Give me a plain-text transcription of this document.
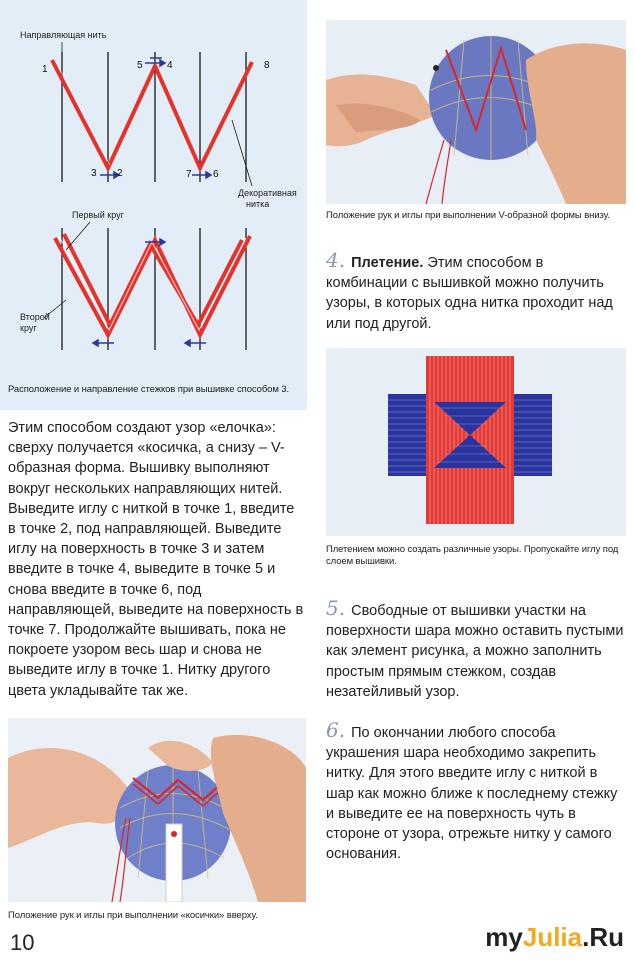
Направляющая нить
1
2
3
4
5
6
7
8
Декоративная
нитка
Первый круг
Второй
круг
Расположение и направление стежков при вышивке способом 3.
Этим способом создают узор «елочка»: сверху получается «косичка, а снизу – V-образная форма. Вышивку выполняют вокруг нескольких направляющих нитей. Выведите иглу с ниткой в точке 1, введите в точке 2, под направляющей. Выведите иглу на поверхность в точке 3 и затем введите в точке 4, выведите в точке 5 и снова введите в точке 6, под направляющей, выведите на поверхность в точке 7. Продолжайте вышивать, пока не покроете узором весь шар и снова не выведите иглу в точке 1. Нитку другого цвета укладывайте так же.
Положение рук и иглы при выполнении «косички» вверху.
10
Положение рук и иглы при выполнении V-образной формы внизу.
4. Плетение. Этим способом в комбинации с вышивкой можно получить узоры, в которых одна нитка проходит над или под другой.
Плетением можно создать различные узоры. Пропускайте иглу под слоем вышивки.
5. Свободные от вышивки участки на поверхности шара можно оставить пустыми как элемент рисунка, а можно заполнить простым прямым стежком, создав незатейливый узор.
6. По окончании любого способа украшения шара необходимо закрепить нитку. Для этого введите иглу с ниткой в шар как можно ближе к последнему стежку и выведите ее на поверхность чуть в стороне от узора, отрежьте нитку у самого основания.
myJulia.Ru
